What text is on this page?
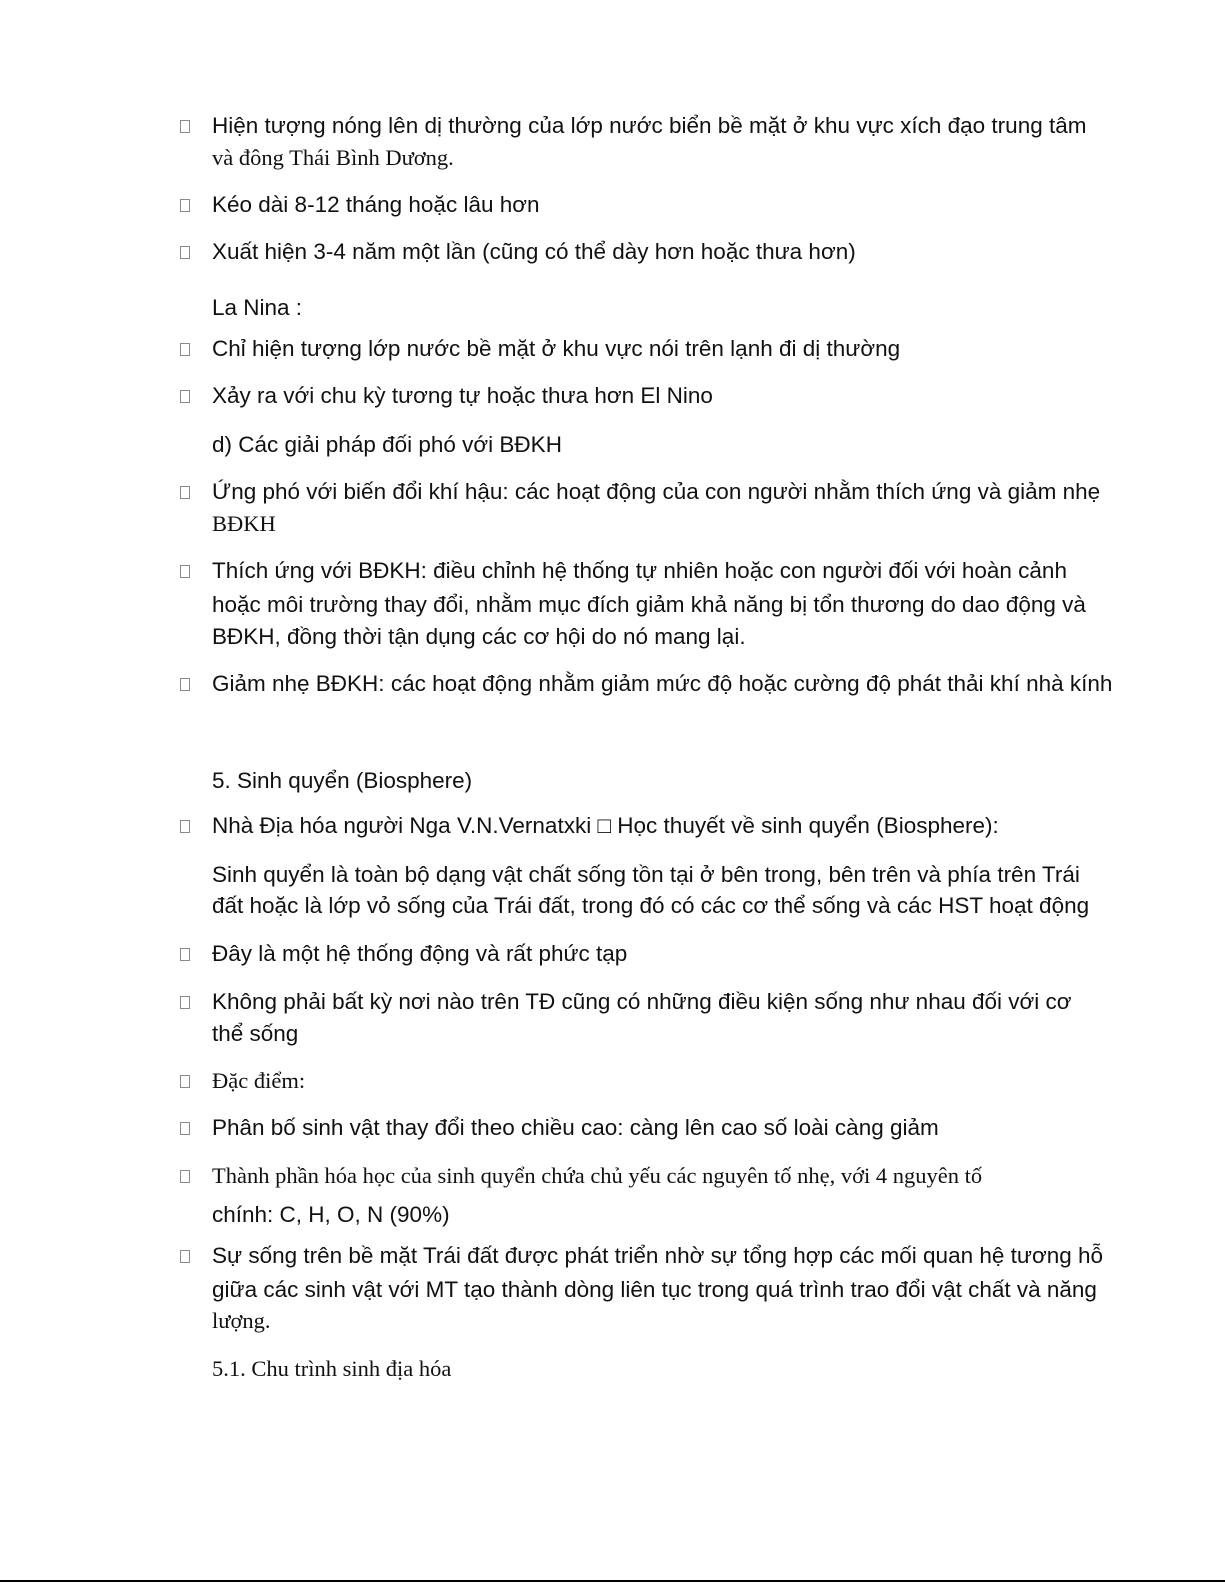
Hiện tượng nóng lên dị thường của lớp nước biển bề mặt ở khu vực xích đạo trung tâm
và đông Thái Bình Dương.
Kéo dài 8-12 tháng hoặc lâu hơn
Xuất hiện 3-4 năm một lần (cũng có thể dày hơn hoặc thưa hơn)
La Nina :
Chỉ hiện tượng lớp nước bề mặt ở khu vực nói trên lạnh đi dị thường
Xảy ra với chu kỳ tương tự hoặc thưa hơn El Nino
d) Các giải pháp đối phó với BĐKH
Ứng phó với biến đổi khí hậu: các hoạt động của con người nhằm thích ứng và giảm nhẹ
BĐKH
Thích ứng với BĐKH: điều chỉnh hệ thống tự nhiên hoặc con người đối với hoàn cảnh
hoặc môi trường thay đổi, nhằm mục đích giảm khả năng bị tổn thương do dao động và
BĐKH, đồng thời tận dụng các cơ hội do nó mang lại.
Giảm nhẹ BĐKH: các hoạt động nhằm giảm mức độ hoặc cường độ phát thải khí nhà kính
5. Sinh quyển (Biosphere)
Nhà Địa hóa người Nga V.N.Vernatxki □ Học thuyết về sinh quyển (Biosphere):
Sinh quyển là toàn bộ dạng vật chất sống tồn tại ở bên trong, bên trên và phía trên Trái
đất hoặc là lớp vỏ sống của Trái đất, trong đó có các cơ thể sống và các HST hoạt động
Đây là một hệ thống động và rất phức tạp
Không phải bất kỳ nơi nào trên TĐ cũng có những điều kiện sống như nhau đối với cơ
thể sống
Đặc điểm:
Phân bố sinh vật thay đổi theo chiều cao: càng lên cao số loài càng giảm
Thành phần hóa học của sinh quyển chứa chủ yếu các nguyên tố nhẹ, với 4 nguyên tố
chính: C, H, O, N (90%)
Sự sống trên bề mặt Trái đất được phát triển nhờ sự tổng hợp các mối quan hệ tương hỗ
giữa các sinh vật với MT tạo thành dòng liên tục trong quá trình trao đổi vật chất và năng
lượng.
5.1. Chu trình sinh địa hóa
